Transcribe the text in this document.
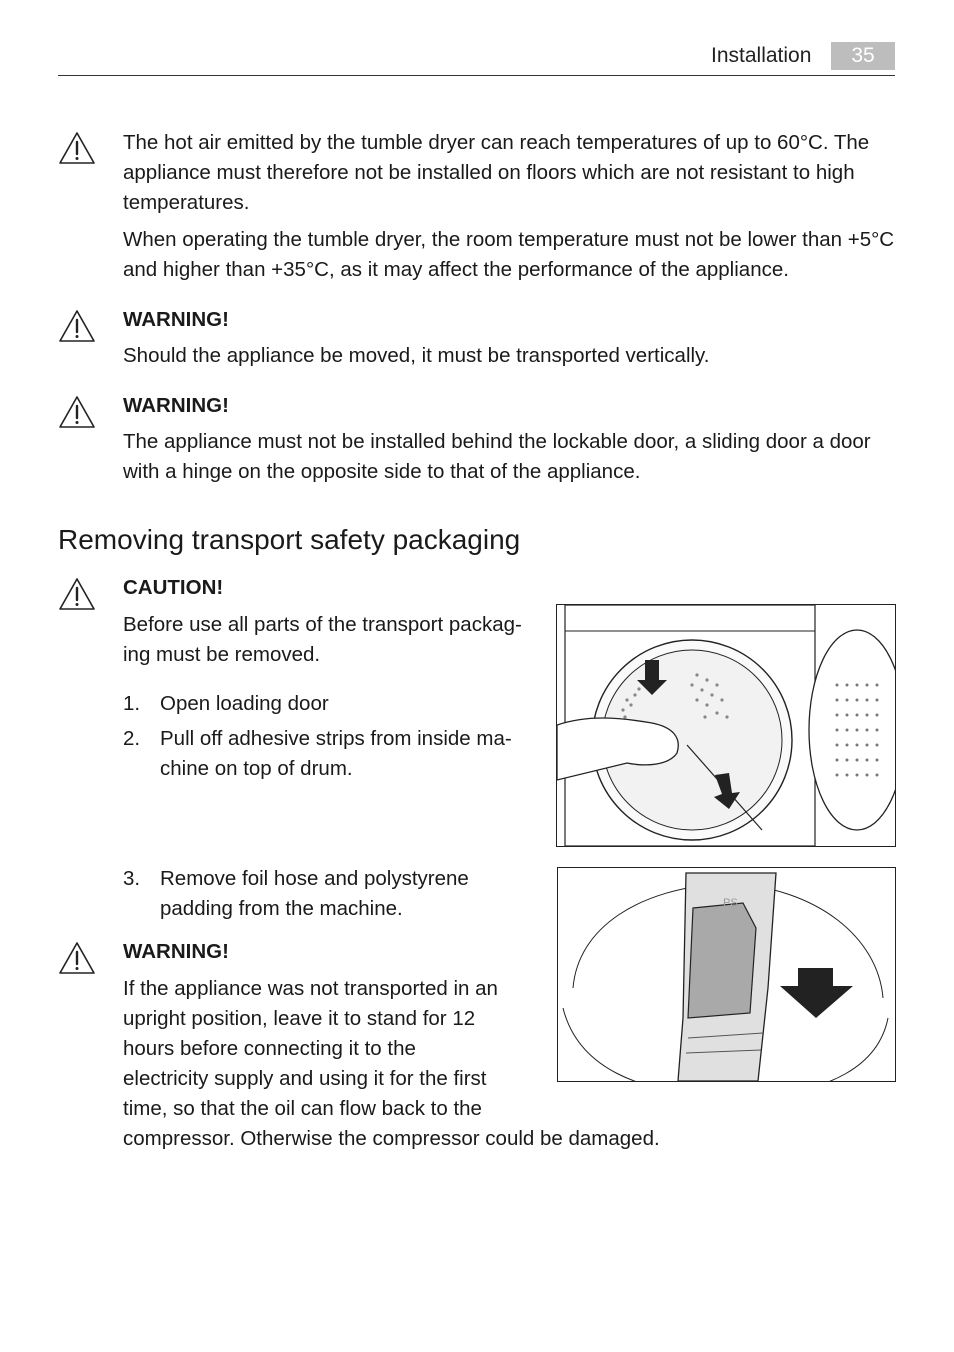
Installation	35

The hot air emitted by the tumble dryer can reach temperatures of up to 60°C. The appliance must therefore not be installed on floors which are not resistant to high temperatures.

When operating the tumble dryer, the room temperature must not be lower than +5°C and higher than +35°C, as it may affect the performance of the appliance.

WARNING!

Should the appliance be moved, it must be transported vertically.

WARNING!

The appliance must not be installed behind the lockable door, a sliding door a door with a hinge on the opposite side to that of the appliance.

Removing transport safety packaging

CAUTION!

Before use all parts of the transport packag-ing must be removed.

1. Open loading door
2. Pull off adhesive strips from inside ma-chine on top of drum.
3. Remove foil hose and polystyrene padding from the machine.	PS

WARNING!

If the appliance was not transported in an upright position, leave it to stand for 12 hours before connecting it to the electricity supply and using it for the first time, so that the oil can flow back to the compressor. Otherwise the compressor could be damaged.
